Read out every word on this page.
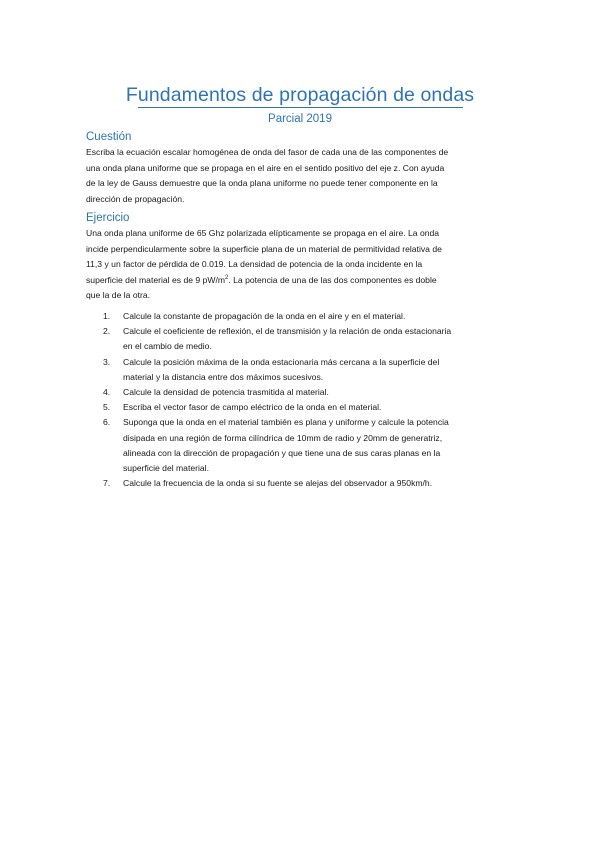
Fundamentos de propagación de ondas
Parcial 2019
Cuestión
Escriba la ecuación escalar homogénea de onda del fasor de cada una de las componentes de
una onda plana uniforme que se propaga en el aire en el sentido positivo del eje z. Con ayuda
de la ley de Gauss demuestre que la onda plana uniforme no puede tener componente en la
dirección de propagación.
Ejercicio
Una onda plana uniforme de 65 Ghz polarizada elípticamente se propaga en el aire. La onda
incide perpendicularmente sobre la superficie plana de un material de permitividad relativa de
11,3 y un factor de pérdida de 0.019. La densidad de potencia de la onda incidente en la
superficie del material es de 9 $pW/m^2$. La potencia de una de las dos componentes es doble
que la de la otra.
1. Calcule la constante de propagación de la onda en el aire y en el material.
2. Calcule el coeficiente de reflexión, el de transmisión y la relación de onda estacionaria
en el cambio de medio.
3. Calcule la posición máxima de la onda estacionaria más cercana a la superficie del
material y la distancia entre dos máximos sucesivos.
4. Calcule la densidad de potencia trasmitida al material.
5. Escriba el vector fasor de campo eléctrico de la onda en el material.
6. Suponga que la onda en el material también es plana y uniforme y calcule la potencia
disipada en una región de forma cilíndrica de 10mm de radio y 20mm de generatriz,
alineada con la dirección de propagación y que tiene una de sus caras planas en la
superficie del material.
7. Calcule la frecuencia de la onda si su fuente se alejas del observador a 950km/h.
